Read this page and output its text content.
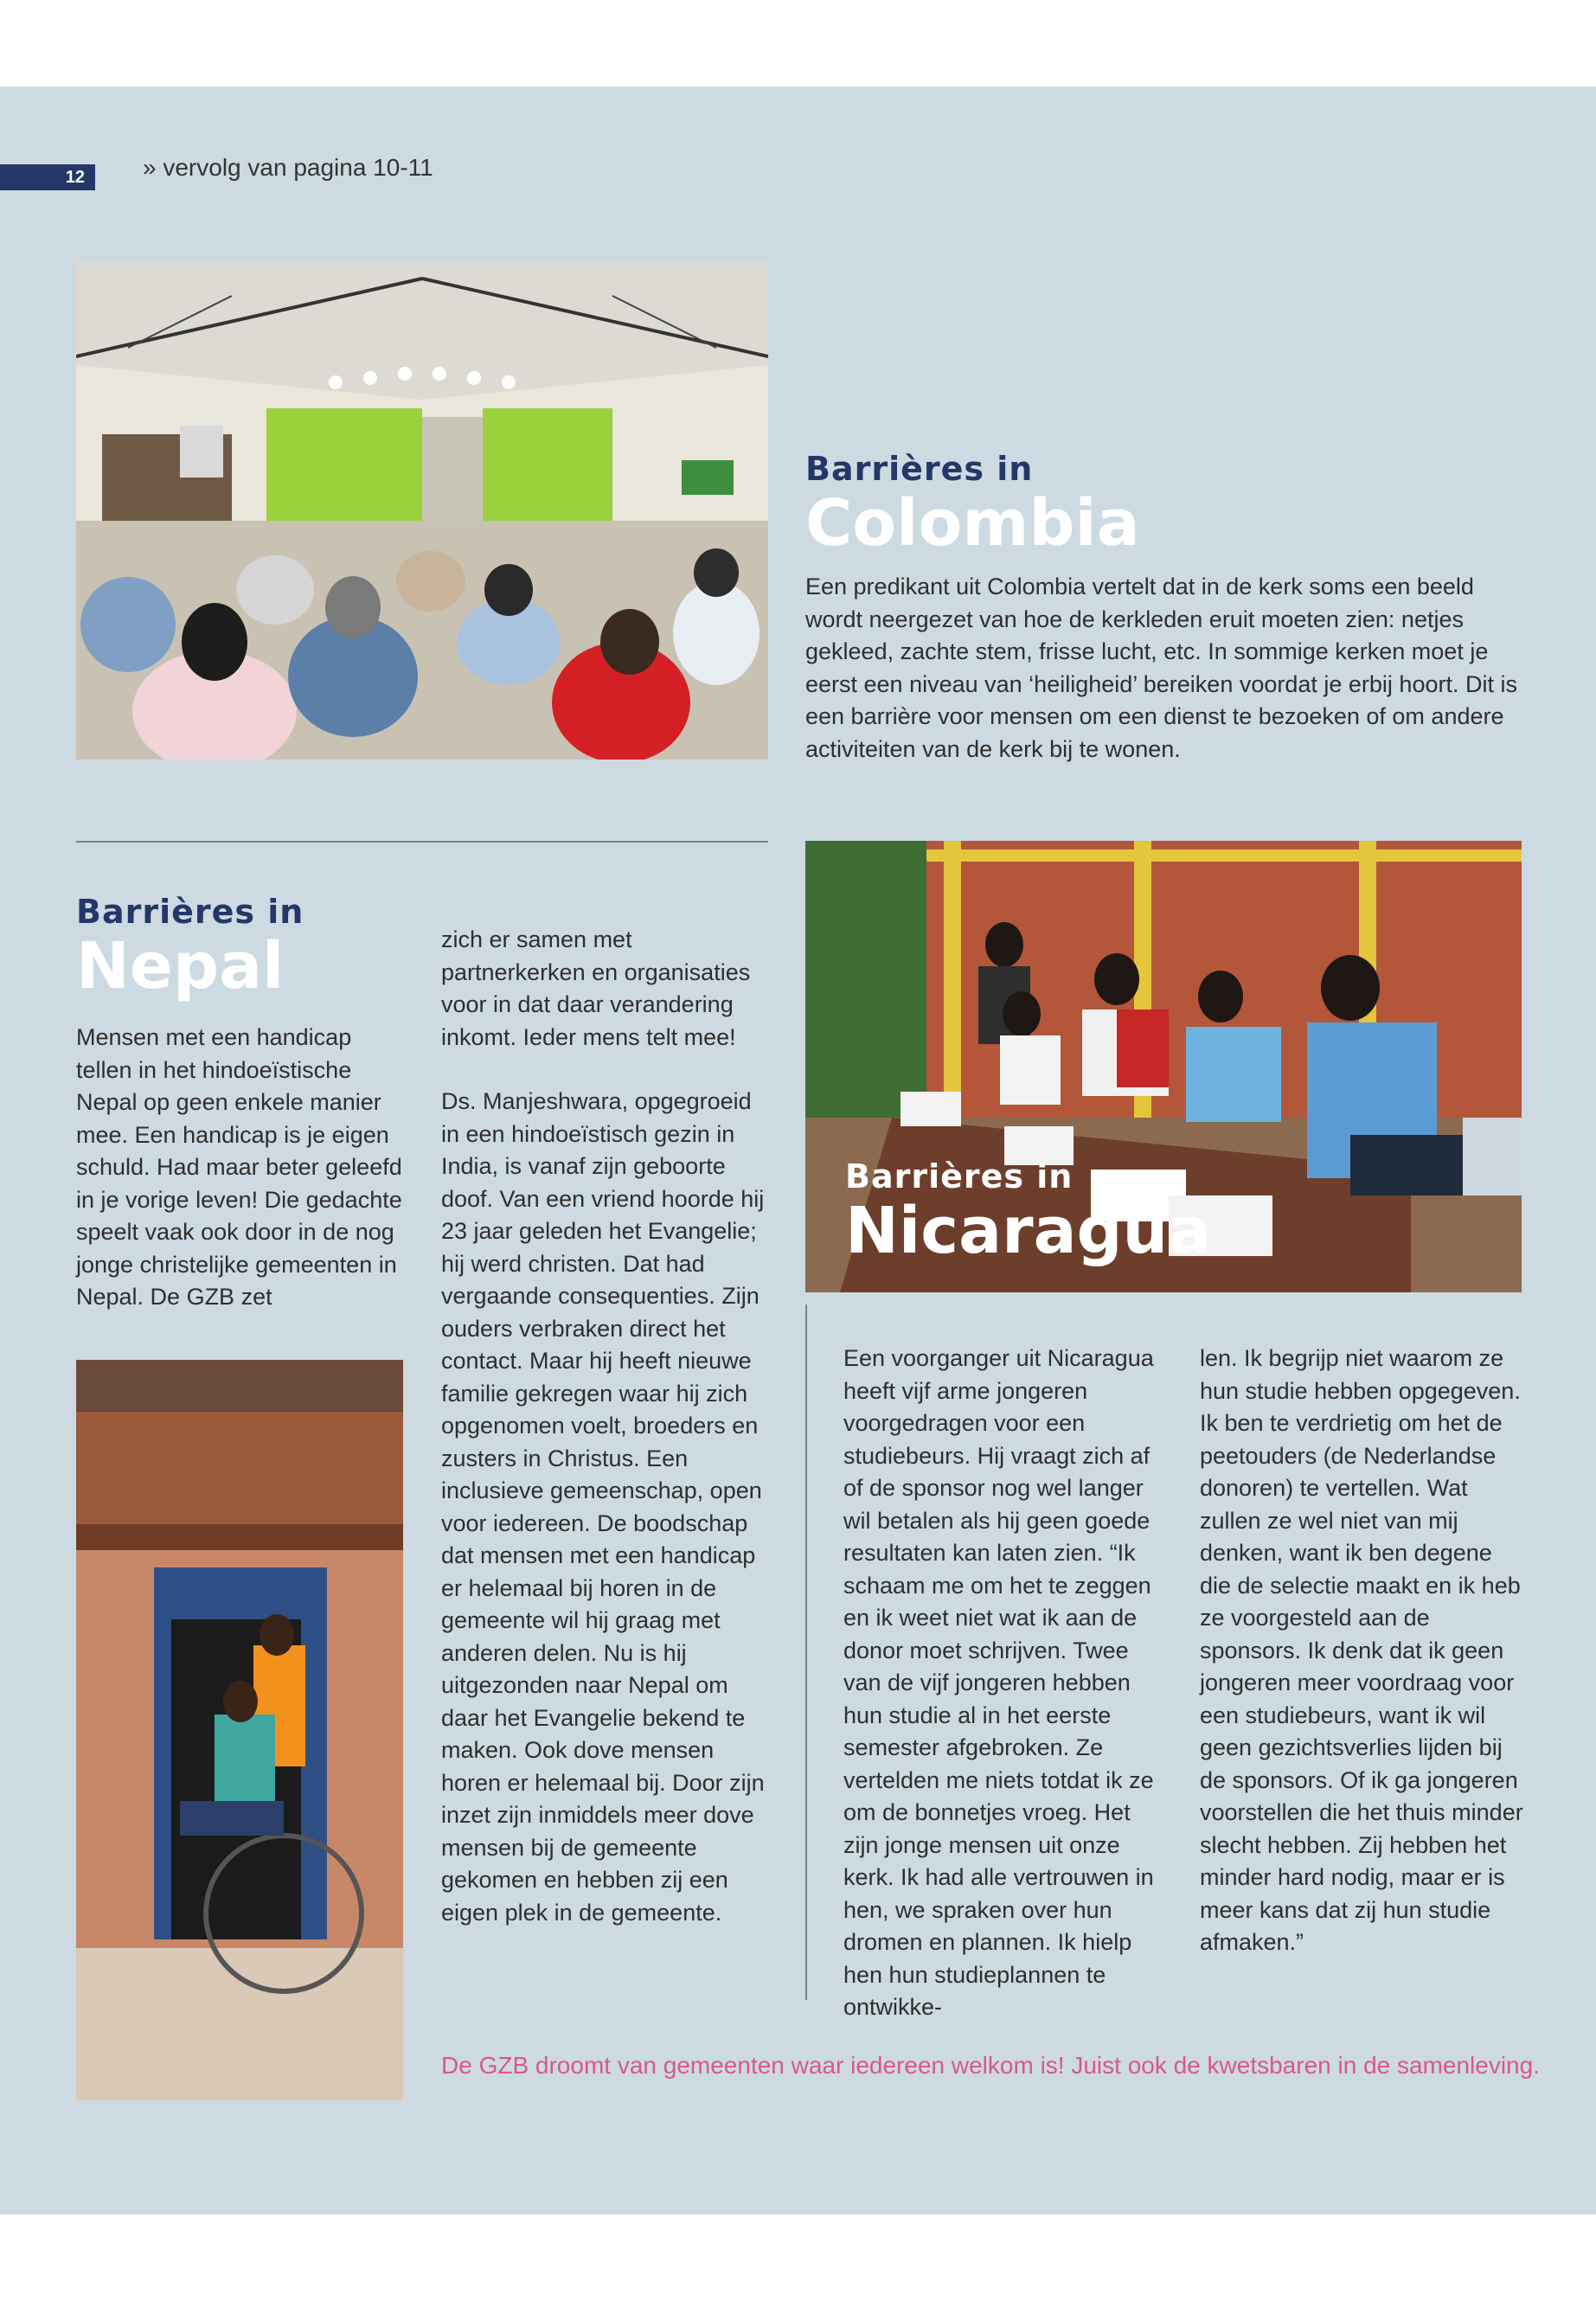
12	» vervolg van pagina 10-11
Barrières in
Colombia

Een predikant uit Colombia vertelt dat in de kerk soms een beeld wordt neergezet van hoe de kerkleden eruit moeten zien: netjes gekleed, zachte stem, frisse lucht, etc. In sommige kerken moet je eerst een niveau van ‘heiligheid’ bereiken voordat je erbij hoort. Dit is een barrière voor mensen om een dienst te bezoeken of om andere activiteiten van de kerk bij te wonen.

Barrières in
Nepal

Mensen met een handicap tellen in het hindoeïstische Nepal op geen enkele manier mee. Een handicap is je eigen schuld. Had maar beter geleefd in je vorige leven! Die gedachte speelt vaak ook door in de nog jonge christelijke gemeenten in Nepal. De GZB zet

zich er samen met partnerkerken en organisaties voor in dat daar verandering inkomt. Ieder mens telt mee!

Ds. Manjeshwara, opgegroeid in een hindoeïstisch gezin in India, is vanaf zijn geboorte doof. Van een vriend hoorde hij 23 jaar geleden het Evangelie; hij werd christen. Dat had vergaande consequenties. Zijn ouders verbraken direct het contact. Maar hij heeft nieuwe familie gekregen waar hij zich opgenomen voelt, broeders en zusters in Christus. Een inclusieve gemeenschap, open voor iedereen. De boodschap dat mensen met een handicap er helemaal bij horen in de gemeente wil hij graag met anderen delen. Nu is hij uitgezonden naar Nepal om daar het Evangelie bekend te maken. Ook dove mensen horen er helemaal bij. Door zijn inzet zijn inmiddels meer dove mensen bij de gemeente gekomen en hebben zij een eigen plek in de gemeente.

Barrières in
Nicaragua

Een voorganger uit Nicaragua heeft vijf arme jongeren voorgedragen voor een studiebeurs. Hij vraagt zich af of de sponsor nog wel langer wil betalen als hij geen goede resultaten kan laten zien. “Ik schaam me om het te zeggen en ik weet niet wat ik aan de donor moet schrijven. Twee van de vijf jongeren hebben hun studie al in het eerste semester afgebroken. Ze vertelden me niets totdat ik ze om de bonnetjes vroeg. Het zijn jonge mensen uit onze kerk. Ik had alle vertrouwen in hen, we spraken over hun dromen en plannen. Ik hielp hen hun studieplannen te ontwikke-

len. Ik begrijp niet waarom ze hun studie hebben opgegeven. Ik ben te verdrietig om het de peetouders (de Nederlandse donoren) te vertellen. Wat zullen ze wel niet van mij denken, want ik ben degene die de selectie maakt en ik heb ze voorgesteld aan de sponsors. Ik denk dat ik geen jongeren meer voordraag voor een studiebeurs, want ik wil geen gezichtsverlies lijden bij de sponsors. Of ik ga jongeren voorstellen die het thuis minder slecht hebben. Zij hebben het minder hard nodig, maar er is meer kans dat zij hun studie afmaken.”

De GZB droomt van gemeenten waar iedereen welkom is! Juist ook de kwetsbaren in de samenleving.
